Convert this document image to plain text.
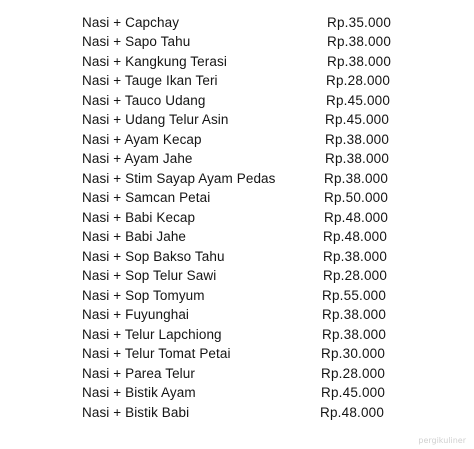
Nasi + Capchay	Rp.35.000
Nasi + Sapo Tahu	Rp.38.000
Nasi + Kangkung Terasi	Rp.38.000
Nasi + Tauge Ikan Teri	Rp.28.000
Nasi + Tauco Udang	Rp.45.000
Nasi + Udang Telur Asin	Rp.45.000
Nasi + Ayam Kecap	Rp.38.000
Nasi + Ayam Jahe	Rp.38.000
Nasi + Stim Sayap Ayam Pedas	Rp.38.000
Nasi + Samcan Petai	Rp.50.000
Nasi + Babi Kecap	Rp.48.000
Nasi + Babi Jahe	Rp.48.000
Nasi + Sop Bakso Tahu	Rp.38.000
Nasi + Sop Telur Sawi	Rp.28.000
Nasi + Sop Tomyum	Rp.55.000
Nasi + Fuyunghai	Rp.38.000
Nasi + Telur Lapchiong	Rp.38.000
Nasi + Telur Tomat Petai	Rp.30.000
Nasi + Parea Telur	Rp.28.000
Nasi + Bistik Ayam	Rp.45.000
Nasi + Bistik Babi	Rp.48.000
pergikuliner
